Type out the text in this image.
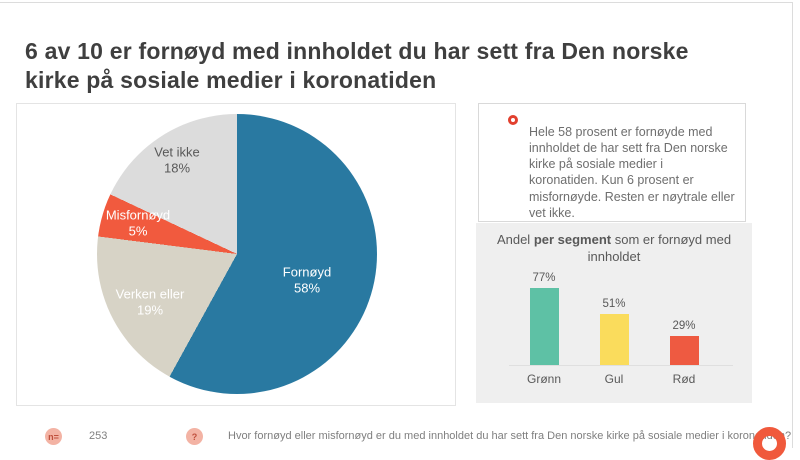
6 av 10 er fornøyd med innholdet du har sett fra Den norske kirke på sosiale medier i koronatiden
Fornøyd
58%
Verken eller
19%
Misfornøyd
5%
Vet ikke
18%

Hele 58 prosent er fornøyde med innholdet de har sett fra Den norske kirke på sosiale medier i koronatiden. Kun 6 prosent er misfornøyde. Resten er nøytrale eller vet ikke.

Andel per segment som er fornøyd med innholdet
77%
51%
29%
Grønn	Gul	Rød
n=	253	?	Hvor fornøyd eller misfornøyd er du med innholdet du har sett fra Den norske kirke på sosiale medier i koronatiden?
